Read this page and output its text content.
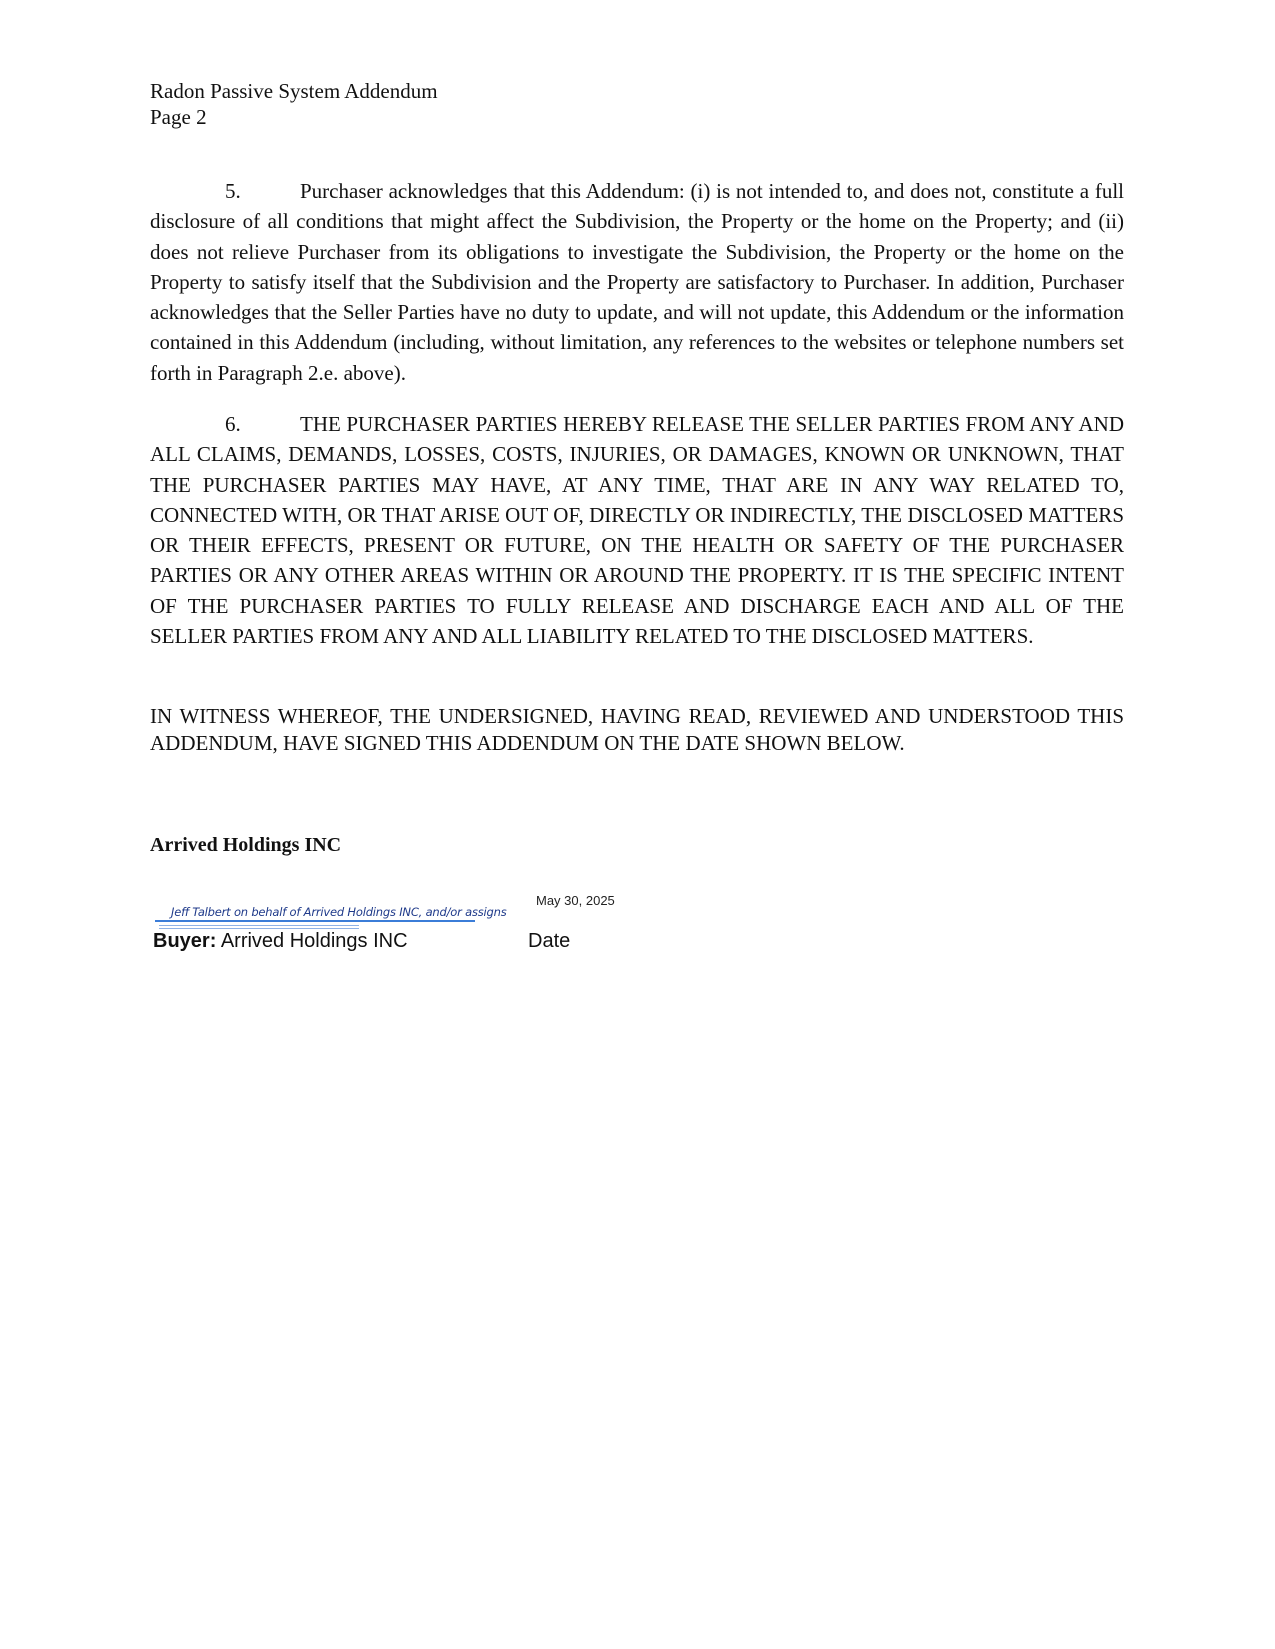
Radon Passive System Addendum
Page 2
5.	Purchaser acknowledges that this Addendum: (i) is not intended to, and does not, constitute a full disclosure of all conditions that might affect the Subdivision, the Property or the home on the Property; and (ii) does not relieve Purchaser from its obligations to investigate the Subdivision, the Property or the home on the Property to satisfy itself that the Subdivision and the Property are satisfactory to Purchaser. In addition, Purchaser acknowledges that the Seller Parties have no duty to update, and will not update, this Addendum or the information contained in this Addendum (including, without limitation, any references to the websites or telephone numbers set forth in Paragraph 2.e. above).
6.	THE PURCHASER PARTIES HEREBY RELEASE THE SELLER PARTIES FROM ANY AND ALL CLAIMS, DEMANDS, LOSSES, COSTS, INJURIES, OR DAMAGES, KNOWN OR UNKNOWN, THAT THE PURCHASER PARTIES MAY HAVE, AT ANY TIME, THAT ARE IN ANY WAY RELATED TO, CONNECTED WITH, OR THAT ARISE OUT OF, DIRECTLY OR INDIRECTLY, THE DISCLOSED MATTERS OR THEIR EFFECTS, PRESENT OR FUTURE, ON THE HEALTH OR SAFETY OF THE PURCHASER PARTIES OR ANY OTHER AREAS WITHIN OR AROUND THE PROPERTY. IT IS THE SPECIFIC INTENT OF THE PURCHASER PARTIES TO FULLY RELEASE AND DISCHARGE EACH AND ALL OF THE SELLER PARTIES FROM ANY AND ALL LIABILITY RELATED TO THE DISCLOSED MATTERS.
IN WITNESS WHEREOF, THE UNDERSIGNED, HAVING READ, REVIEWED AND UNDERSTOOD THIS ADDENDUM, HAVE SIGNED THIS ADDENDUM ON THE DATE SHOWN BELOW.
Arrived Holdings INC
May 30, 2025
Jeff Talbert on behalf of Arrived Holdings INC, and/or assigns
Buyer: Arrived Holdings INC	Date
